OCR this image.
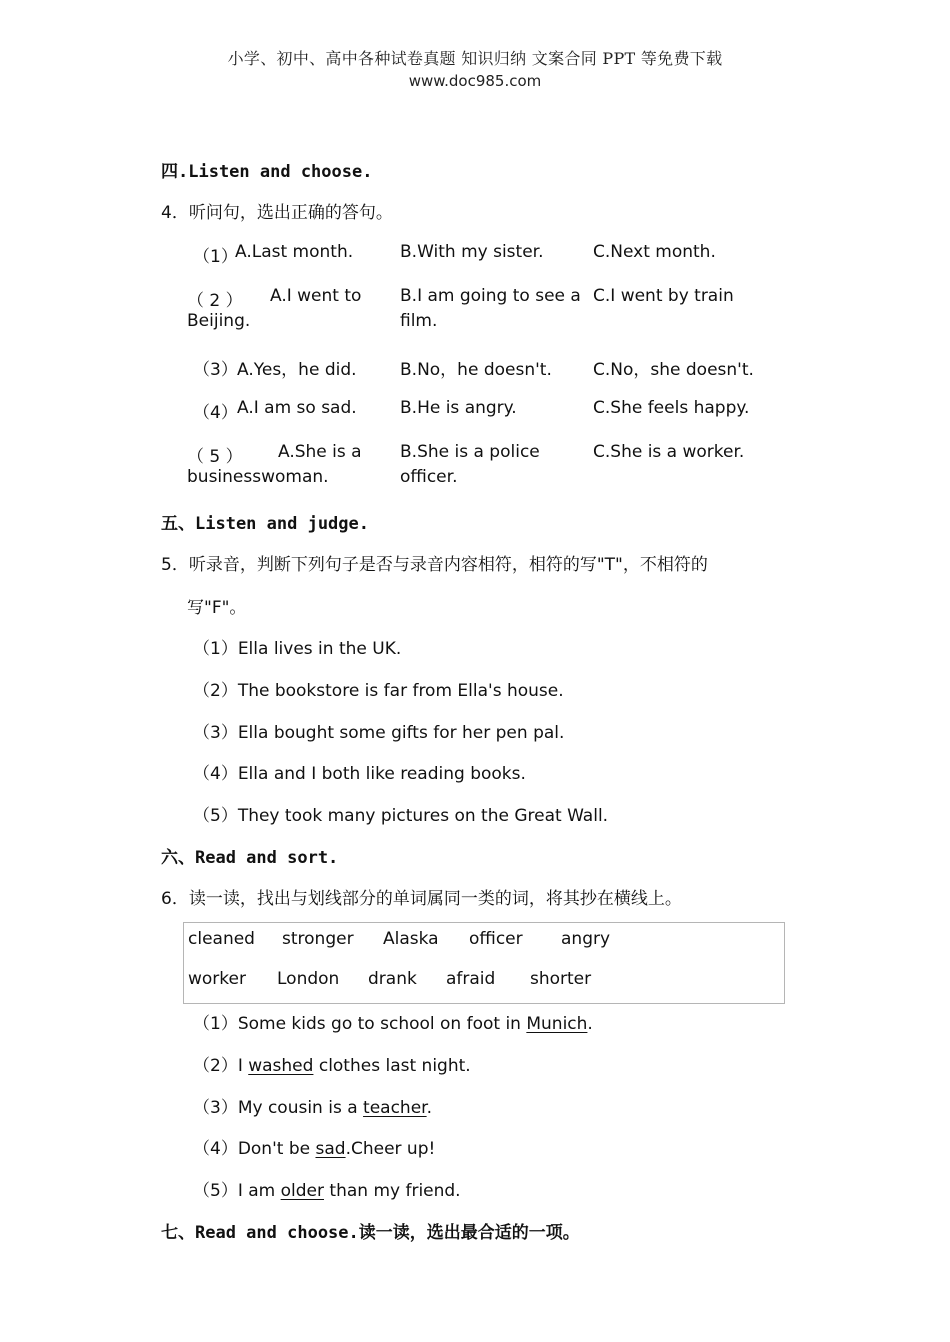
小学、初中、高中各种试卷真题 知识归纳 文案合同 PPT 等免费下载
www.doc985.com
四.Listen and choose.
4．听问句，选出正确的答句。
（1）
A.Last month.	B.With my sister.	C.Next month.
（ 2 ） A.I went to
Beijing.
B.I am going to see a
film.
C.I went by train
（3） A.Yes，he did.	B.No，he doesn't. C.No，she doesn't.
（4） A.I am so sad.	B.He is angry.	C.She feels happy.
（ 5 ） A.She is a
businesswoman.
B.She is a police
officer.
C.She is a worker.
五、Listen and judge.
5．听录音，判断下列句子是否与录音内容相符，相符的写"T"，不相符的
写"F"。
（1）Ella lives in the UK.
（2）The bookstore is far from Ella's house.
（3）Ella bought some gifts for her pen pal.
（4）Ella and I both like reading books.
（5）They took many pictures on the Great Wall.
六、Read and sort.
6．读一读，找出与划线部分的单词属同一类的词，将其抄在横线上。
cleaned stronger Alaska officer angry
worker London drank afraid shorter
（1）Some kids go to school on foot in Munich.
（2）I washed clothes last night.
（3）My cousin is a teacher.
（4）Don't be sad.Cheer up!
（5）I am older than my friend.
七、Read and choose.读一读，选出最合适的一项。
